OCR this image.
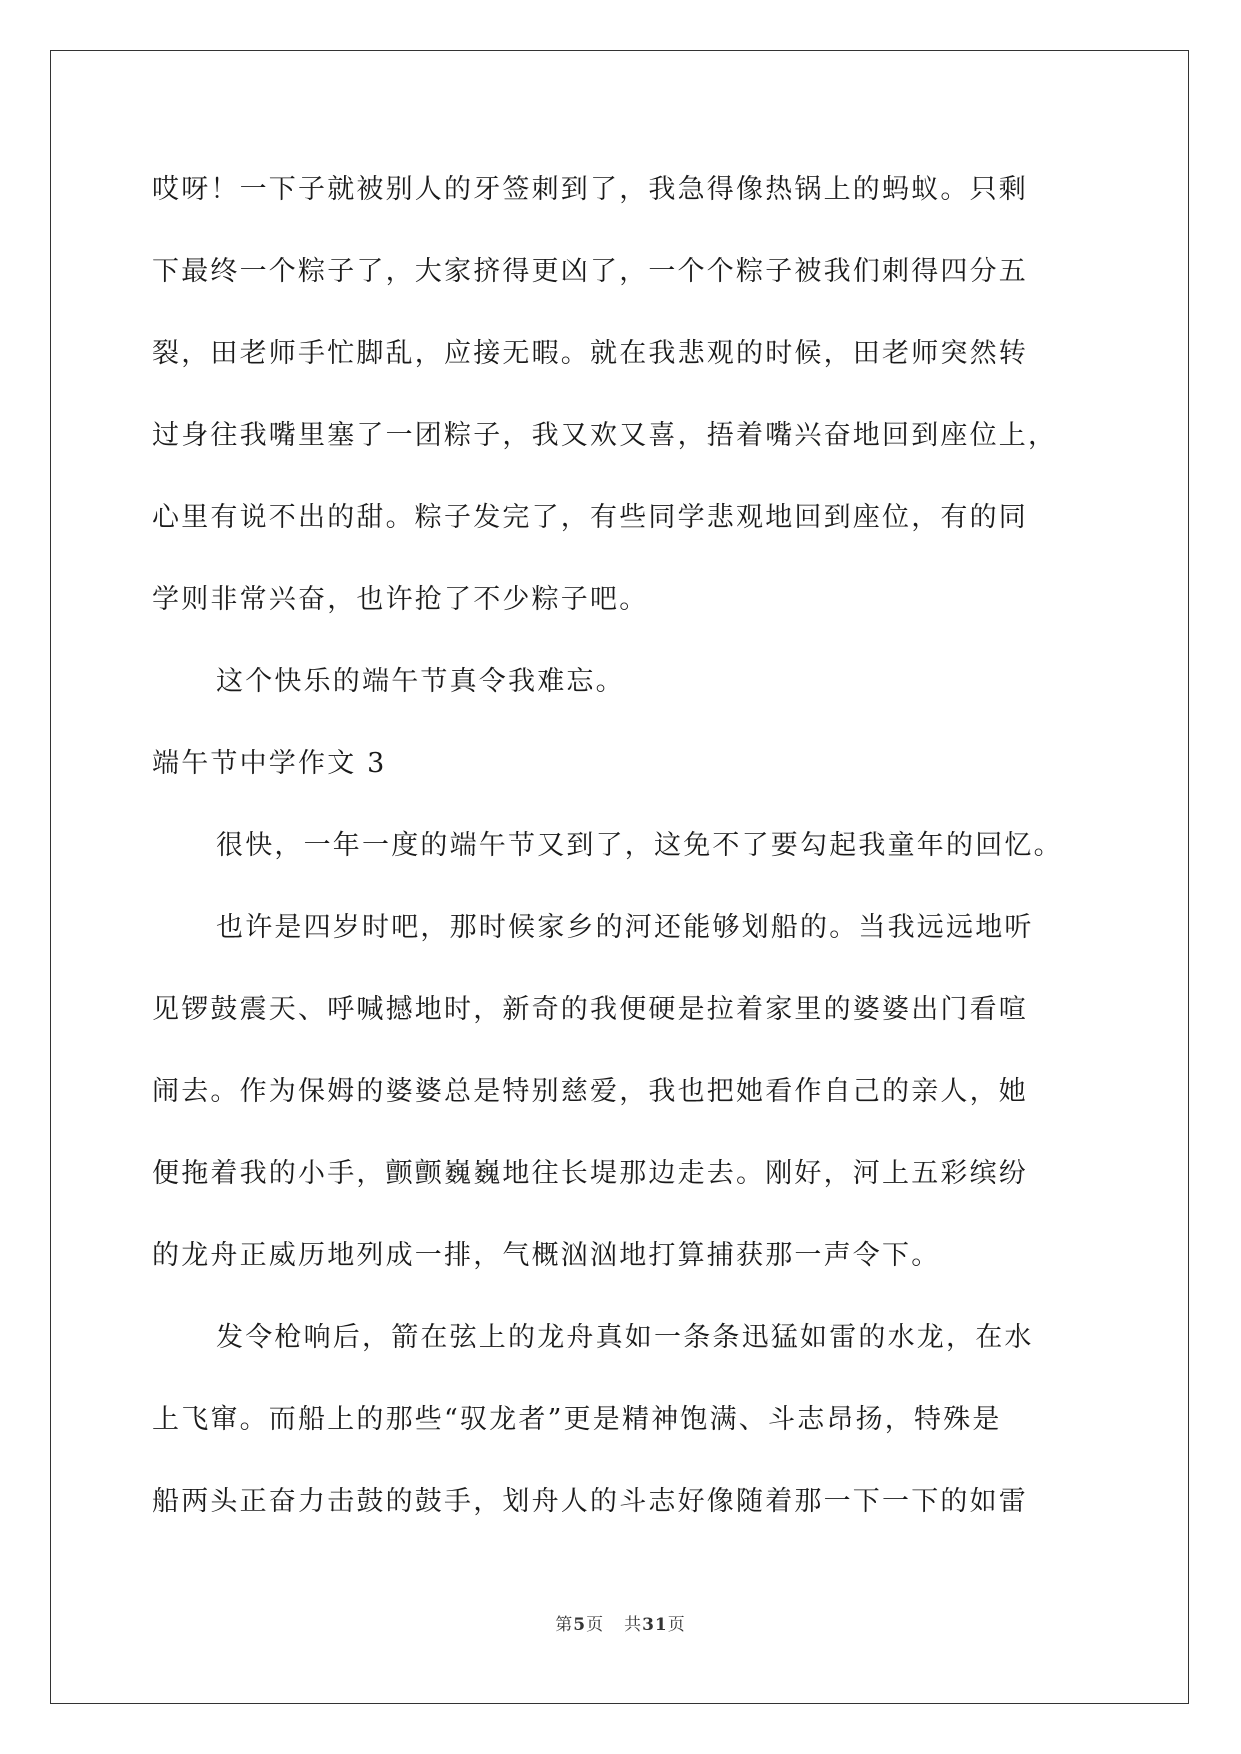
哎呀！一下子就被别人的牙签刺到了，我急得像热锅上的蚂蚁。只剩
下最终一个粽子了，大家挤得更凶了，一个个粽子被我们刺得四分五
裂，田老师手忙脚乱，应接无暇。就在我悲观的时候，田老师突然转
过身往我嘴里塞了一团粽子，我又欢又喜，捂着嘴兴奋地回到座位上，
心里有说不出的甜。粽子发完了，有些同学悲观地回到座位，有的同
学则非常兴奋，也许抢了不少粽子吧。
这个快乐的端午节真令我难忘。
端午节中学作文 3
很快，一年一度的端午节又到了，这免不了要勾起我童年的回忆。
也许是四岁时吧，那时候家乡的河还能够划船的。当我远远地听
见锣鼓震天、呼喊撼地时，新奇的我便硬是拉着家里的婆婆出门看喧
闹去。作为保姆的婆婆总是特别慈爱，我也把她看作自己的亲人，她
便拖着我的小手，颤颤巍巍地往长堤那边走去。刚好，河上五彩缤纷
的龙舟正威历地列成一排，气概汹汹地打算捕获那一声令下。
发令枪响后，箭在弦上的龙舟真如一条条迅猛如雷的水龙，在水
上飞窜。而船上的那些“驭龙者”更是精神饱满、斗志昂扬，特殊是
船两头正奋力击鼓的鼓手，划舟人的斗志好像随着那一下一下的如雷
第5页 共31页
